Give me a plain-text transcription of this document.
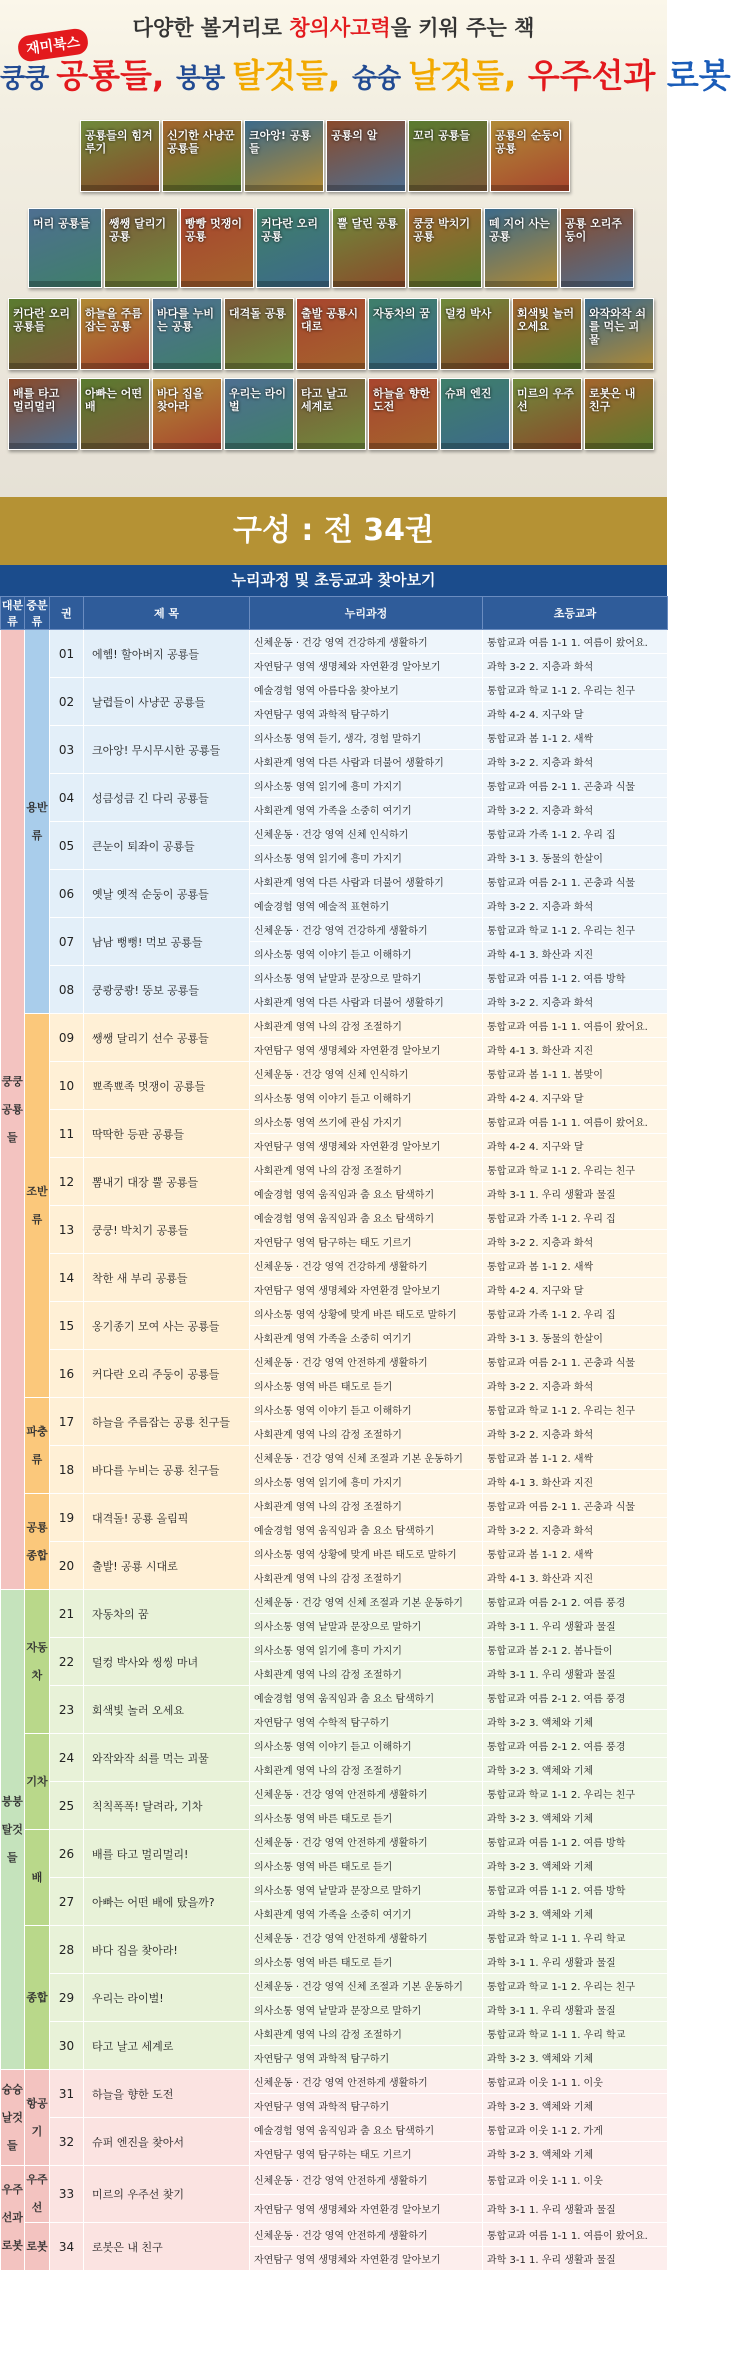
다양한 볼거리로 창의사고력을 키워 주는 책
재미북스
쿵쿵 공룡들, 붕붕 탈것들, 슝슝 날것들, 우주선과 로봇
공룡들의 힘겨루기
신기한 사냥꾼 공룡들
크아앙! 공룡들
공룡의 알	꼬리 공룡들	공룡의 순둥이 공룡
머리 공룡들	쌩쌩 달리기 공룡
빵빵 멋쟁이 공룡
커다란 오리 공룡
뿔 달린 공룡 쿵쿵 박치기 공룡
떼 지어 사는 공룡
공룡 오리주둥이
커다란 오리 공룡들
하늘을 주름잡는 공룡
바다를 누비는 공룡
대격돌 공룡 출발 공룡시대로
자동차의 꿈 덜컹 박사	회색빛 놀러 오세요
와작와작 쇠를 먹는 괴물
배를 타고 멀리멀리
아빠는 어떤 배
바다 집을 찾아라
우리는 라이벌
타고 날고 세계로
하늘을 향한 도전
슈퍼 엔진	미르의 우주선
로봇은 내 친구
구성 : 전 34권
누리과정 및 초등교과 찾아보기
대분류	중분류	권	제 목	누리과정	초등교과
쿵쿵 공룡들	용반류	01	에헴! 할아버지 공룡들	신체운동 · 건강 영역 건강하게 생활하기	통합교과 여름 1-1 1. 여름이 왔어요.
				자연탐구 영역 생명체와 자연환경 알아보기	과학 3-2 2. 지층과 화석
		02	날렵들이 사냥꾼 공룡들	예술경험 영역 아름다움 찾아보기	통합교과 학교 1-1 2. 우리는 친구
				자연탐구 영역 과학적 탐구하기	과학 4-2 4. 지구와 달
		03	크아앙! 무시무시한 공룡들	의사소통 영역 듣기, 생각, 경험 말하기	통합교과 봄 1-1 2. 새싹
				사회관계 영역 다른 사람과 더불어 생활하기	과학 3-2 2. 지층과 화석
		04	성큼성큼 긴 다리 공룡들	의사소통 영역 읽기에 흥미 가지기	통합교과 여름 2-1 1. 곤충과 식물
				사회관계 영역 가족을 소중히 여기기	과학 3-2 2. 지층과 화석
		05	큰눈이 퇴좌이 공룡들	신체운동 · 건강 영역 신체 인식하기	통합교과 가족 1-1 2. 우리 집
				의사소통 영역 읽기에 흥미 가지기	과학 3-1 3. 동물의 한살이
		06	옛날 옛적 순둥이 공룡들	사회관계 영역 다른 사람과 더불어 생활하기	통합교과 여름 2-1 1. 곤충과 식물
				예술경험 영역 예술적 표현하기	과학 3-2 2. 지층과 화석
		07	남남 뻥뻥! 먹보 공룡들	신체운동 · 건강 영역 건강하게 생활하기	통합교과 학교 1-1 2. 우리는 친구
				의사소통 영역 이야기 듣고 이해하기	과학 4-1 3. 화산과 지진
		08	쿵쾅쿵쾅! 뚱보 공룡들	의사소통 영역 낱말과 문장으로 말하기	통합교과 여름 1-1 2. 여름 방학
				사회관계 영역 다른 사람과 더불어 생활하기	과학 3-2 2. 지층과 화석
	조반류	09	쌩쌩 달리기 선수 공룡들	사회관계 영역 나의 감정 조절하기	통합교과 여름 1-1 1. 여름이 왔어요.
				자연탐구 영역 생명체와 자연환경 알아보기	과학 4-1 3. 화산과 지진
		10	뾰족뾰족 멋쟁이 공룡들	신체운동 · 건강 영역 신체 인식하기	통합교과 봄 1-1 1. 봄맞이
				의사소통 영역 이야기 듣고 이해하기	과학 4-2 4. 지구와 달
		11	딱딱한 등판 공룡들	의사소통 영역 쓰기에 관심 가지기	통합교과 여름 1-1 1. 여름이 왔어요.
				자연탐구 영역 생명체와 자연환경 알아보기	과학 4-2 4. 지구와 달
		12	뽐내기 대장 뿔 공룡들	사회관계 영역 나의 감정 조절하기	통합교과 학교 1-1 2. 우리는 친구
				예술경험 영역 움직임과 춤 요소 탐색하기	과학 3-1 1. 우리 생활과 물질
		13	쿵쿵! 박치기 공룡들	예술경험 영역 움직임과 춤 요소 탐색하기	통합교과 가족 1-1 2. 우리 집
				자연탐구 영역 탐구하는 태도 기르기	과학 3-2 2. 지층과 화석
		14	착한 새 부리 공룡들	신체운동 · 건강 영역 건강하게 생활하기	통합교과 봄 1-1 2. 새싹
				자연탐구 영역 생명체와 자연환경 알아보기	과학 4-2 4. 지구와 달
		15	옹기종기 모여 사는 공룡들	의사소통 영역 상황에 맞게 바른 태도로 말하기	통합교과 가족 1-1 2. 우리 집
				사회관계 영역 가족을 소중히 여기기	과학 3-1 3. 동물의 한살이
		16	커다란 오리 주둥이 공룡들	신체운동 · 건강 영역 안전하게 생활하기	통합교과 여름 2-1 1. 곤충과 식물
				의사소통 영역 바른 태도로 듣기	과학 3-2 2. 지층과 화석
	파충류	17	하늘을 주름잡는 공룡 친구들	의사소통 영역 이야기 듣고 이해하기	통합교과 학교 1-1 2. 우리는 친구
				사회관계 영역 나의 감정 조절하기	과학 3-2 2. 지층과 화석
		18	바다를 누비는 공룡 친구들	신체운동 · 건강 영역 신체 조절과 기본 운동하기	통합교과 봄 1-1 2. 새싹
				의사소통 영역 읽기에 흥미 가지기	과학 4-1 3. 화산과 지진
	공룡종합	19	대격돌! 공룡 올림픽	사회관계 영역 나의 감정 조절하기	통합교과 여름 2-1 1. 곤충과 식물
				예술경험 영역 움직임과 춤 요소 탐색하기	과학 3-2 2. 지층과 화석
		20	출발! 공룡 시대로	의사소통 영역 상황에 맞게 바른 태도로 말하기	통합교과 봄 1-1 2. 새싹
				사회관계 영역 나의 감정 조절하기	과학 4-1 3. 화산과 지진
붕붕 탈것들	자동차	21	자동차의 꿈	신체운동 · 건강 영역 신체 조절과 기본 운동하기	통합교과 여름 2-1 2. 여름 풍경
				의사소통 영역 낱말과 문장으로 말하기	과학 3-1 1. 우리 생활과 물질
		22	덜컹 박사와 씽씽 마녀	의사소통 영역 읽기에 흥미 가지기	통합교과 봄 2-1 2. 봄나들이
				사회관계 영역 나의 감정 조절하기	과학 3-1 1. 우리 생활과 물질
		23	회색빛 놀러 오세요	예술경험 영역 움직임과 춤 요소 탐색하기	통합교과 여름 2-1 2. 여름 풍경
				자연탐구 영역 수학적 탐구하기	과학 3-2 3. 액체와 기체
	기차	24	와작와작 쇠를 먹는 괴물	의사소통 영역 이야기 듣고 이해하기	통합교과 여름 2-1 2. 여름 풍경
				사회관계 영역 나의 감정 조절하기	과학 3-2 3. 액체와 기체
		25	칙칙폭폭! 달려라, 기차	신체운동 · 건강 영역 안전하게 생활하기	통합교과 학교 1-1 2. 우리는 친구
				의사소통 영역 바른 태도로 듣기	과학 3-2 3. 액체와 기체
	배	26	배를 타고 멀리멀리!	신체운동 · 건강 영역 안전하게 생활하기	통합교과 여름 1-1 2. 여름 방학
				의사소통 영역 바른 태도로 듣기	과학 3-2 3. 액체와 기체
		27	아빠는 어떤 배에 탔을까?	의사소통 영역 낱말과 문장으로 말하기	통합교과 여름 1-1 2. 여름 방학
				사회관계 영역 가족을 소중히 여기기	과학 3-2 3. 액체와 기체
	종합	28	바다 집을 찾아라!	신체운동 · 건강 영역 안전하게 생활하기	통합교과 학교 1-1 1. 우리 학교
				의사소통 영역 바른 태도로 듣기	과학 3-1 1. 우리 생활과 물질
		29	우리는 라이벌!	신체운동 · 건강 영역 신체 조절과 기본 운동하기	통합교과 학교 1-1 2. 우리는 친구
				의사소통 영역 낱말과 문장으로 말하기	과학 3-1 1. 우리 생활과 물질
		30	타고 날고 세계로	사회관계 영역 나의 감정 조절하기	통합교과 학교 1-1 1. 우리 학교
				자연탐구 영역 과학적 탐구하기	과학 3-2 3. 액체와 기체
슝슝 날것들	항공기	31	하늘을 향한 도전	신체운동 · 건강 영역 안전하게 생활하기	통합교과 이웃 1-1 1. 이웃
				자연탐구 영역 과학적 탐구하기	과학 3-2 3. 액체와 기체
		32	슈퍼 엔진을 찾아서	예술경험 영역 움직임과 춤 요소 탐색하기	통합교과 이웃 1-1 2. 가게
				자연탐구 영역 탐구하는 태도 기르기	과학 3-2 3. 액체와 기체
우주선과 로봇	우주선	33	미르의 우주선 찾기	신체운동 · 건강 영역 안전하게 생활하기	통합교과 이웃 1-1 1. 이웃
				자연탐구 영역 생명체와 자연환경 알아보기	과학 3-1 1. 우리 생활과 물질
	로봇	34	로봇은 내 친구	신체운동 · 건강 영역 안전하게 생활하기	통합교과 여름 1-1 1. 여름이 왔어요.
				자연탐구 영역 생명체와 자연환경 알아보기	과학 3-1 1. 우리 생활과 물질
